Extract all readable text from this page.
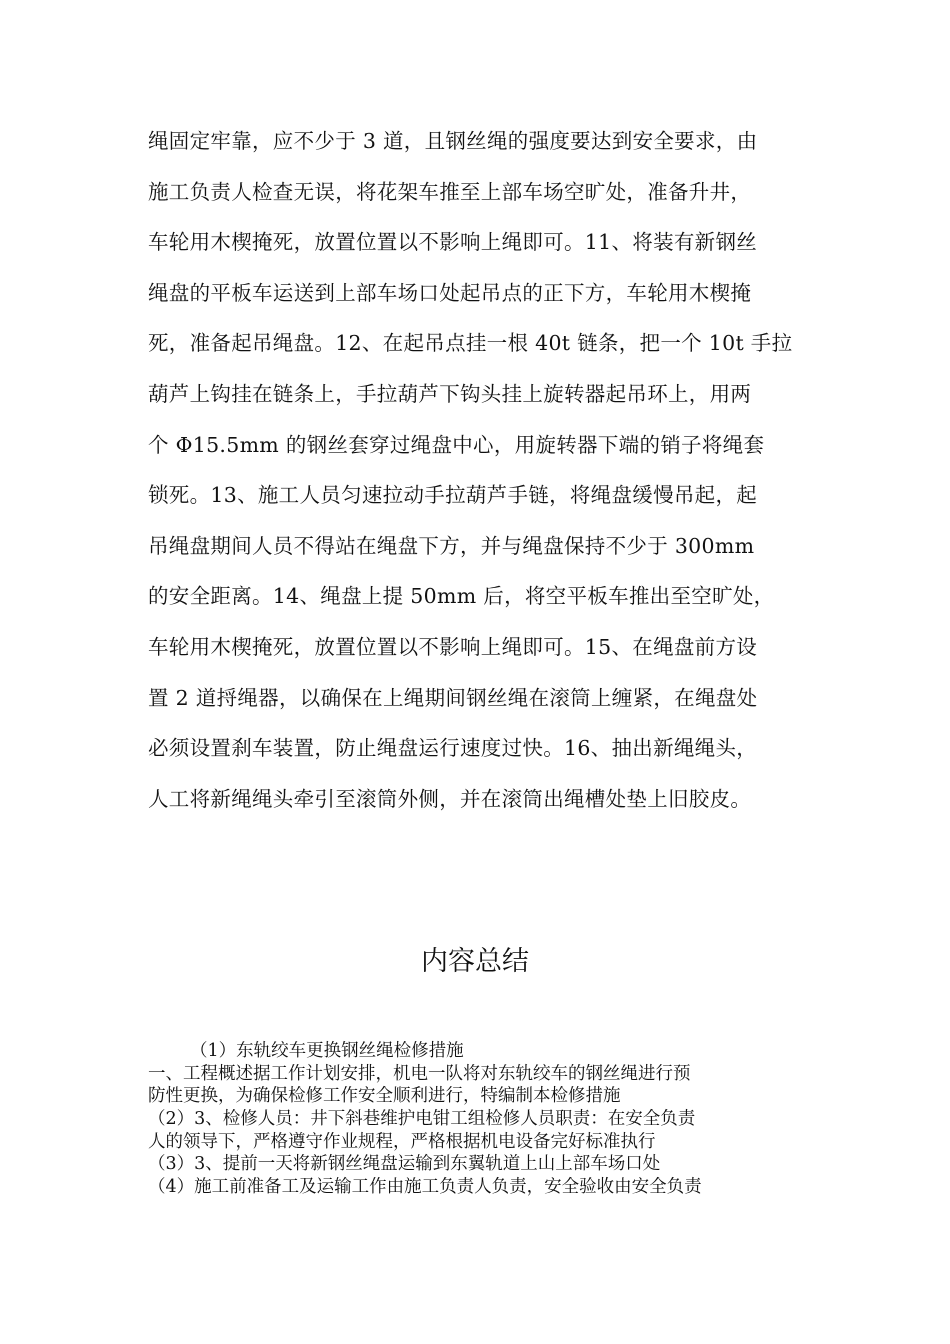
绳固定牢靠，应不少于 3 道，且钢丝绳的强度要达到安全要求，由
施工负责人检查无误，将花架车推至上部车场空旷处，准备升井，
车轮用木楔掩死，放置位置以不影响上绳即可。11、将装有新钢丝
绳盘的平板车运送到上部车场口处起吊点的正下方，车轮用木楔掩
死，准备起吊绳盘。12、在起吊点挂一根 40t 链条，把一个 10t 手拉
葫芦上钩挂在链条上，手拉葫芦下钩头挂上旋转器起吊环上，用两
个 Φ15.5mm 的钢丝套穿过绳盘中心，用旋转器下端的销子将绳套
锁死。13、施工人员匀速拉动手拉葫芦手链，将绳盘缓慢吊起，起
吊绳盘期间人员不得站在绳盘下方，并与绳盘保持不少于 300mm
的安全距离。14、绳盘上提 50mm 后，将空平板车推出至空旷处，
车轮用木楔掩死，放置位置以不影响上绳即可。15、在绳盘前方设
置 2 道捋绳器，以确保在上绳期间钢丝绳在滚筒上缠紧，在绳盘处
必须设置刹车装置，防止绳盘运行速度过快。16、抽出新绳绳头，
人工将新绳绳头牵引至滚筒外侧，并在滚筒出绳槽处垫上旧胶皮。
内容总结
（1）东轨绞车更换钢丝绳检修措施
一、工程概述据工作计划安排，机电一队将对东轨绞车的钢丝绳进行预
防性更换，为确保检修工作安全顺利进行，特编制本检修措施
（2）3、检修人员：井下斜巷维护电钳工组检修人员职责：在安全负责
人的领导下，严格遵守作业规程，严格根据机电设备完好标准执行
（3）3、提前一天将新钢丝绳盘运输到东翼轨道上山上部车场口处
（4）施工前准备工及运输工作由施工负责人负责，安全验收由安全负责
